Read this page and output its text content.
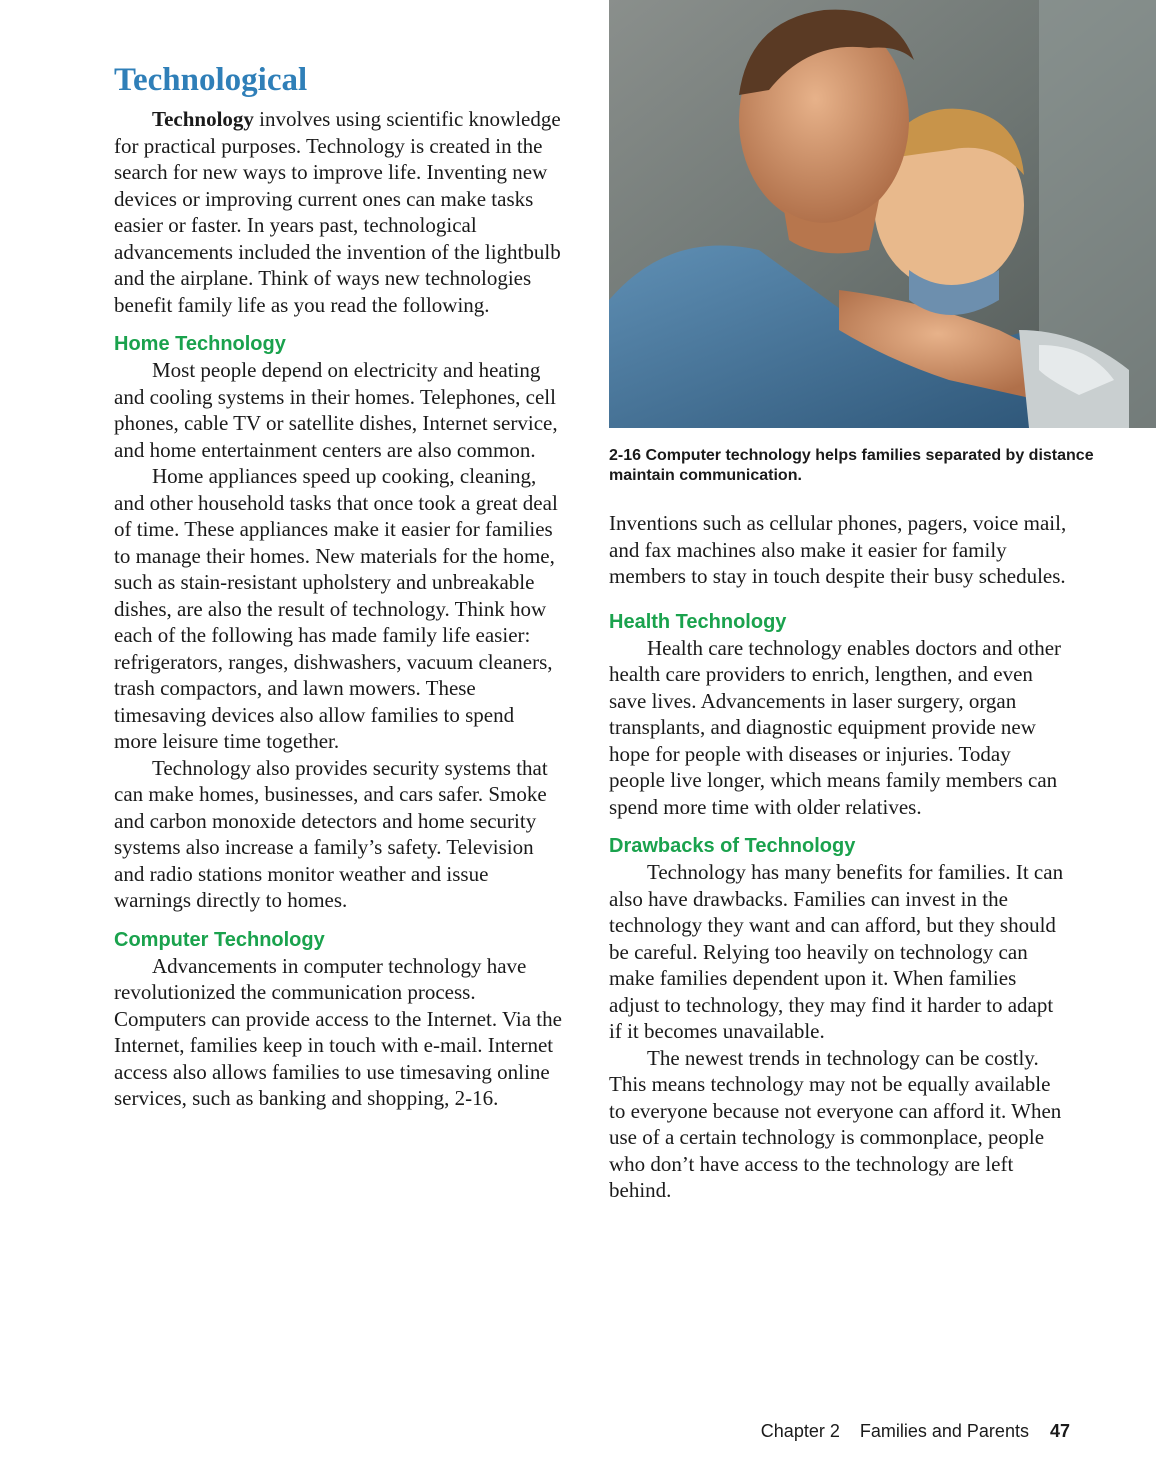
Technological

Technology involves using scientific knowledge for practical purposes. Technology is created in the search for new ways to improve life. Inventing new devices or improving current ones can make tasks easier or faster. In years past, technological advancements included the invention of the lightbulb and the airplane. Think of ways new technologies benefit family life as you read the following.

Home Technology

Most people depend on electricity and heating and cooling systems in their homes. Telephones, cell phones, cable TV or satellite dishes, Internet service, and home entertainment centers are also common.

Home appliances speed up cooking, cleaning, and other household tasks that once took a great deal of time. These appliances make it easier for families to manage their homes. New materials for the home, such as stain-resistant upholstery and unbreakable dishes, are also the result of technology. Think how each of the following has made family life easier: refrigerators, ranges, dishwashers, vacuum cleaners, trash compactors, and lawn mowers. These timesaving devices also allow families to spend more leisure time together.

Technology also provides security systems that can make homes, businesses, and cars safer. Smoke and carbon monoxide detectors and home security systems also increase a family’s safety. Television and radio stations monitor weather and issue warnings directly to homes.

Computer Technology

Advancements in computer technology have revolutionized the communication process. Computers can provide access to the Internet. Via the Internet, families keep in touch with e-mail. Internet access also allows families to use timesaving online services, such as banking and shopping, 2-16.

2-16 Computer technology helps families separated by distance maintain communication.

Inventions such as cellular phones, pagers, voice mail, and fax machines also make it easier for family members to stay in touch despite their busy schedules.

Health Technology

Health care technology enables doctors and other health care providers to enrich, lengthen, and even save lives. Advancements in laser surgery, organ transplants, and diagnostic equipment provide new hope for people with diseases or injuries. Today people live longer, which means family members can spend more time with older relatives.

Drawbacks of Technology

Technology has many benefits for families. It can also have drawbacks. Families can invest in the technology they want and can afford, but they should be careful. Relying too heavily on technology can make families dependent upon it. When families adjust to technology, they may find it harder to adapt if it becomes unavailable.

The newest trends in technology can be costly. This means technology may not be equally available to everyone because not everyone can afford it. When use of a certain technology is commonplace, people who don’t have access to the technology are left behind.

Chapter 2 Families and Parents 47
